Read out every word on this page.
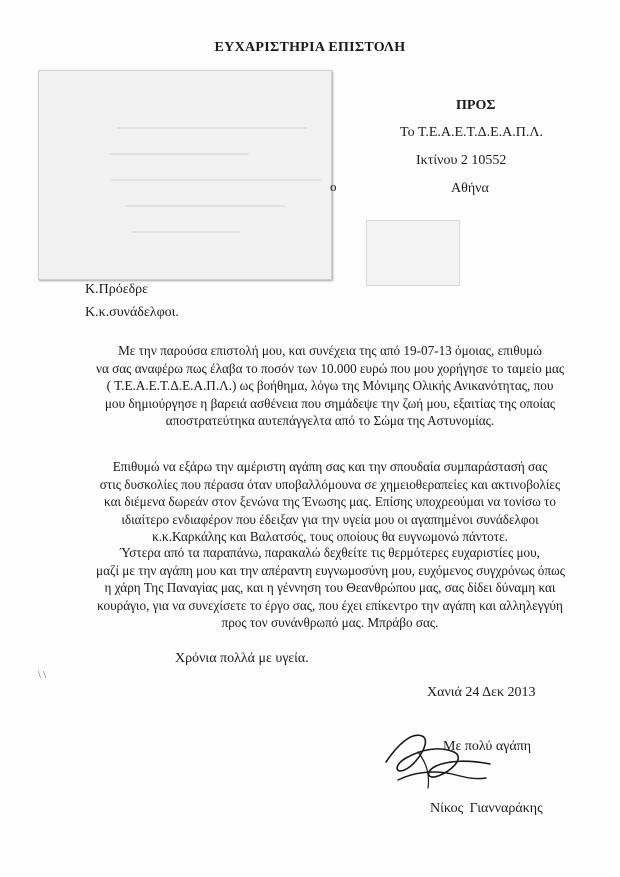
ΕΥΧΑΡΙΣΤΗΡΙΑ ΕΠΙΣΤΟΛΗ
ο
ΠΡΟΣ
Το Τ.Ε.Α.Ε.Τ.Δ.Ε.Α.Π.Λ.
Ικτίνου 2 10552
Αθήνα
Κ.Πρόεδρε
Κ.κ.συνάδελφοι.
Με την παρούσα επιστολή μου, και συνέχεια της από 19-07-13 όμοιας, επιθυμώ
να σας αναφέρω πως έλαβα το ποσόν των 10.000 ευρώ που μου χορήγησε το ταμείο μας
( Τ.Ε.Α.Ε.Τ.Δ.Ε.Α.Π.Λ.) ως βοήθημα, λόγω της Μόνιμης Ολικής Ανικανότητας, που
μου δημιούργησε η βαρειά ασθένεια που σημάδεψε την ζωή μου, εξαιτίας της οποίας
αποστρατεύτηκα αυτεπάγγελτα από το Σώμα της Αστυνομίας.
Επιθυμώ να εξάρω την αμέριστη αγάπη σας και την σπουδαία συμπαράστασή σας
στις δυσκολίες που πέρασα όταν υποβαλλόμουνα σε χημειοθεραπείες και ακτινοβολίες
και διέμενα δωρεάν στον ξενώνα της Ένωσης μας. Επίσης υποχρεούμαι να τονίσω το
ιδιαίτερο ενδιαφέρον που έδειξαν για την υγεία μου οι αγαπημένοι συνάδελφοι
κ.κ.Καρκάλης και Βαλατσός, τους οποίους θα ευγνωμονώ πάντοτε.
Ύστερα από τα παραπάνω, παρακαλώ δεχθείτε τις θερμότερες ευχαριστίες μου,
μαζί με την αγάπη μου και την απέραντη ευγνωμοσύνη μου, ευχόμενος συγχρόνως όπως
η χάρη Της Παναγίας μας, και η γέννηση του Θεανθρώπου μας, σας δίδει δύναμη και
κουράγιο, για να συνεχίσετε το έργο σας, που έχει επίκεντρο την αγάπη και αλληλεγγύη
προς τον συνάνθρωπό μας. Μπράβο σας.
\ \
Χρόνια πολλά με υγεία.
Χανιά 24 Δεκ 2013
Με πολύ αγάπη
Νίκος Γιανναράκης
